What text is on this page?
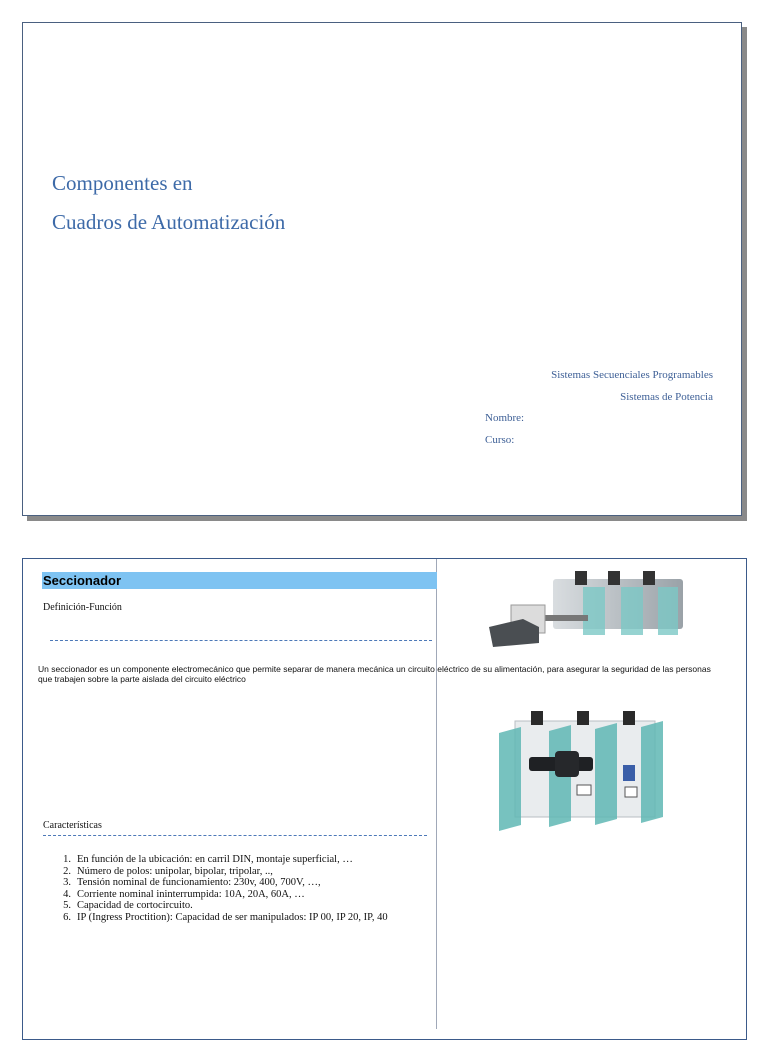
Componentes en
Cuadros de Automatización
Sistemas Secuenciales Programables
Sistemas de Potencia
Nombre:
Curso:
Seccionador
Definición-Función
Un seccionador es un componente electromecánico que permite separar de manera mecánica un circuito eléctrico de su alimentación, para asegurar la seguridad de las personas que trabajen sobre la parte aislada del circuito eléctrico
Características
1. En función de la ubicación: en carril DIN, montaje superficial, …
2. Número de polos: unipolar, bipolar, tripolar, ..,
3. Tensión nominal de funcionamiento: 230v, 400, 700V, …,
4. Corriente nominal ininterrumpida: 10A, 20A, 60A, …
5. Capacidad de cortocircuito.
6. IP (Ingress Proctition): Capacidad de ser manipulados: IP 00, IP 20, IP, 40
